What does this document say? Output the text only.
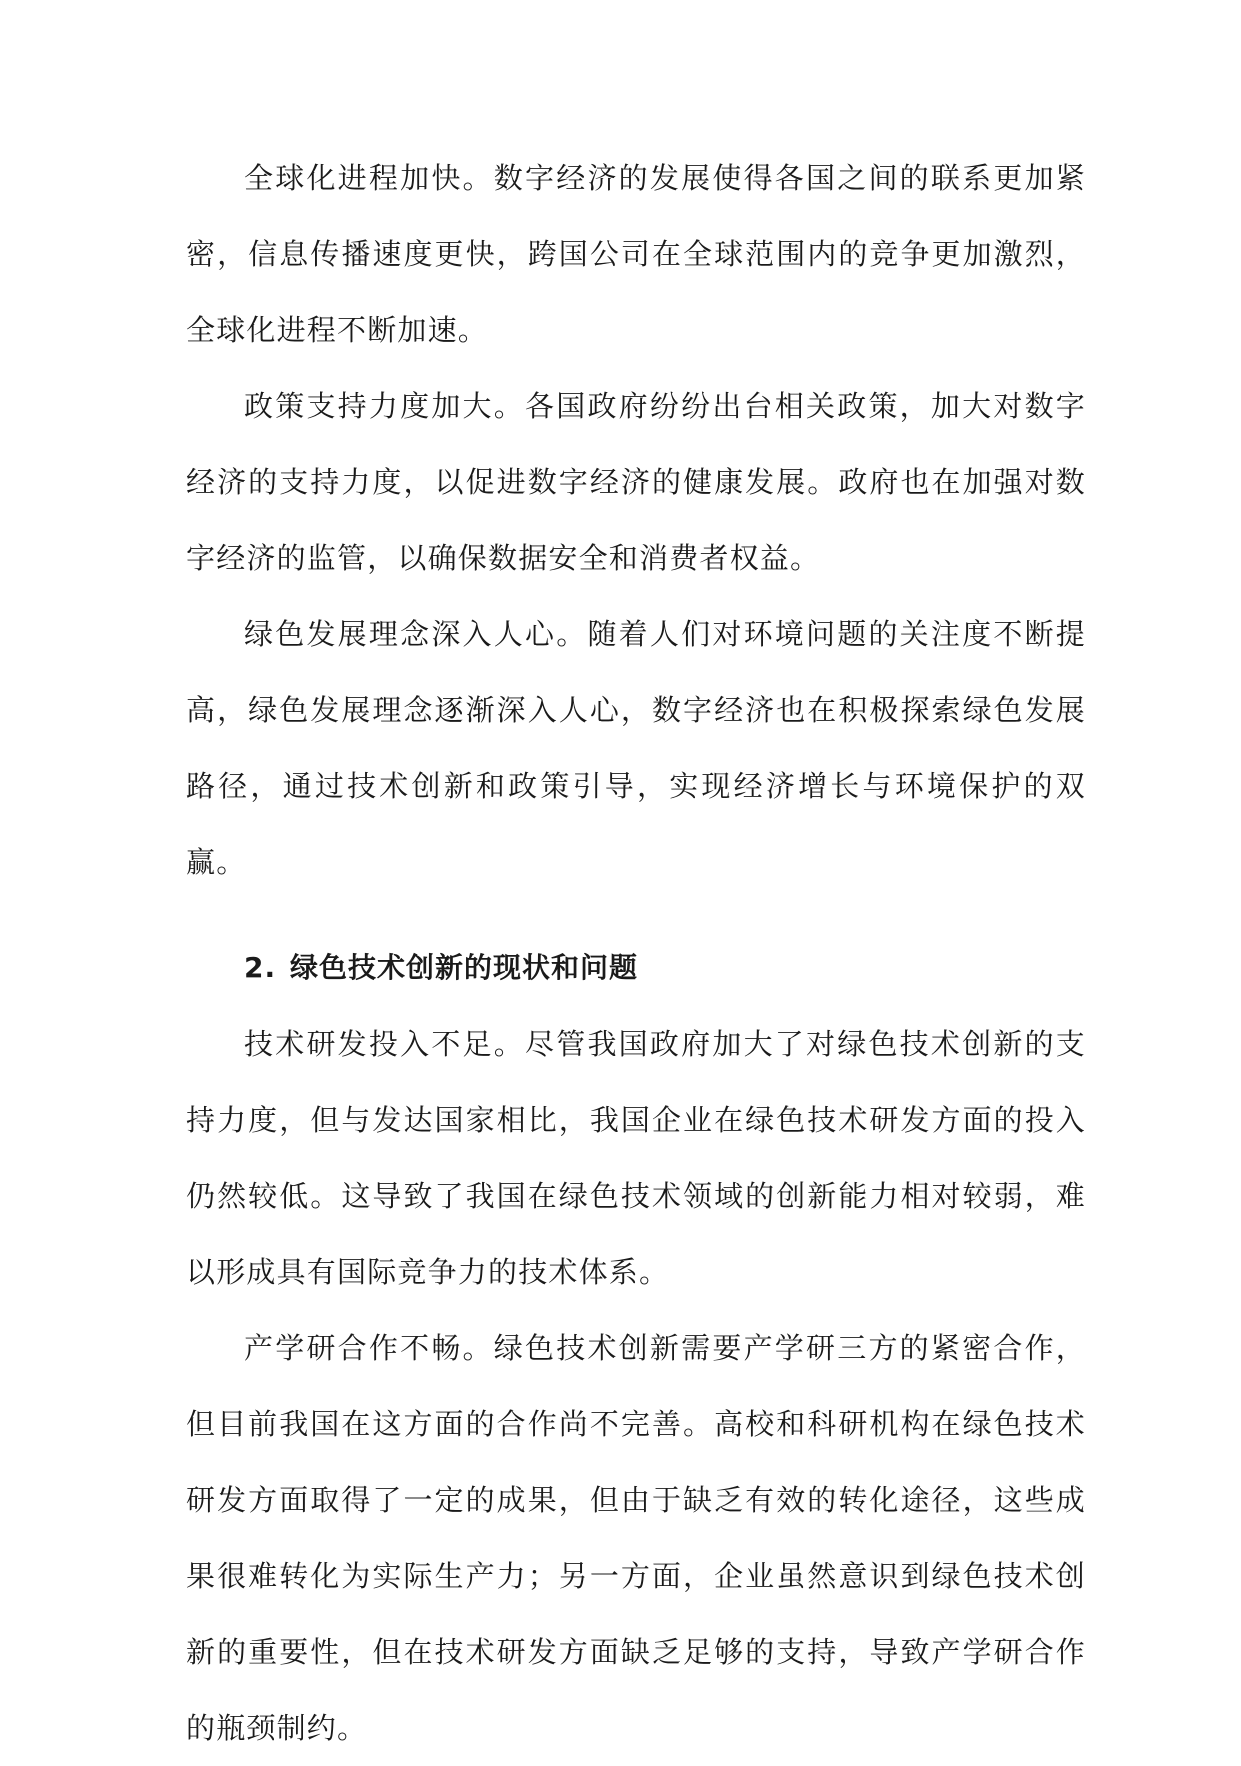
全球化进程加快。数字经济的发展使得各国之间的联系更加紧密，信息传播速度更快，跨国公司在全球范围内的竞争更加激烈，全球化进程不断加速。

政策支持力度加大。各国政府纷纷出台相关政策，加大对数字经济的支持力度，以促进数字经济的健康发展。政府也在加强对数字经济的监管，以确保数据安全和消费者权益。

绿色发展理念深入人心。随着人们对环境问题的关注度不断提高，绿色发展理念逐渐深入人心，数字经济也在积极探索绿色发展路径，通过技术创新和政策引导，实现经济增长与环境保护的双赢。

2. 绿色技术创新的现状和问题

技术研发投入不足。尽管我国政府加大了对绿色技术创新的支持力度，但与发达国家相比，我国企业在绿色技术研发方面的投入仍然较低。这导致了我国在绿色技术领域的创新能力相对较弱，难以形成具有国际竞争力的技术体系。

产学研合作不畅。绿色技术创新需要产学研三方的紧密合作，但目前我国在这方面的合作尚不完善。高校和科研机构在绿色技术研发方面取得了一定的成果，但由于缺乏有效的转化途径，这些成果很难转化为实际生产力；另一方面，企业虽然意识到绿色技术创新的重要性，但在技术研发方面缺乏足够的支持，导致产学研合作的瓶颈制约。
